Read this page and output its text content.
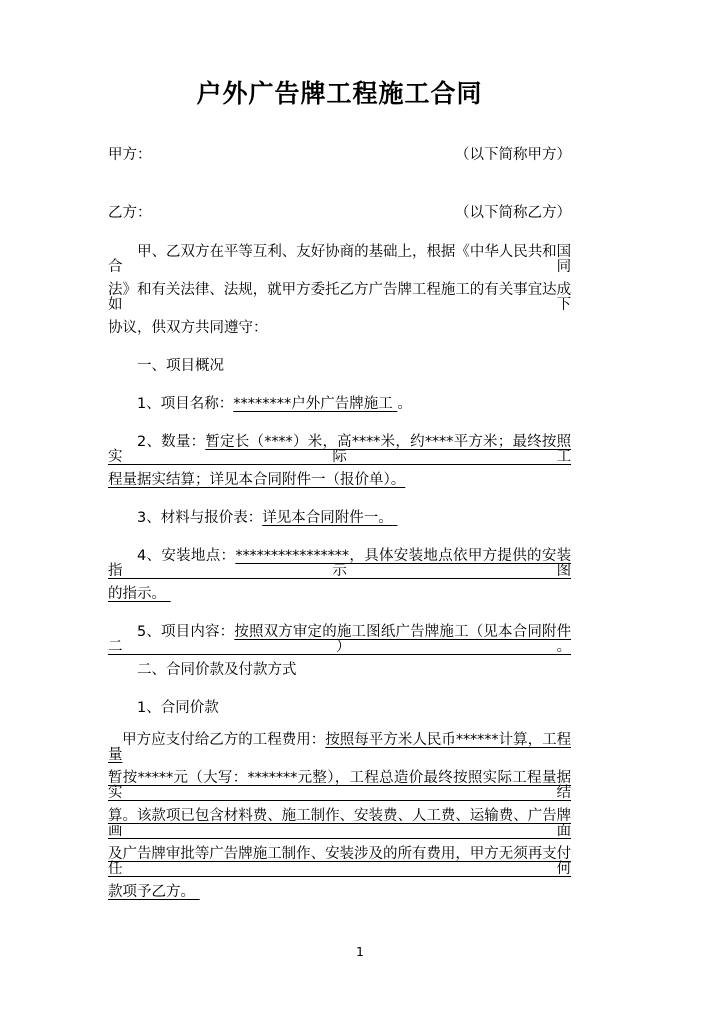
户外广告牌工程施工合同
甲方：	（以下简称甲方）
乙方：	（以下简称乙方）
甲、乙双方在平等互利、友好协商的基础上，根据《中华人民共和国合同
法》和有关法律、法规，就甲方委托乙方广告牌工程施工的有关事宜达成如下
协议，供双方共同遵守：
一、项目概况
1、项目名称：********户外广告牌施工 。
2、数量：暂定长（****）米，高****米，约****平方米；最终按照实际工
程量据实结算；详见本合同附件一（报价单）。
3、材料与报价表：详见本合同附件一。
4、安装地点：****************，具体安装地点依甲方提供的安装指示图
的指示。
5、项目内容：按照双方审定的施工图纸广告牌施工（见本合同附件二）。
二、合同价款及付款方式
1、合同价款
甲方应支付给乙方的工程费用：按照每平方米人民币******计算，工程量
暂按*****元（大写：*******元整），工程总造价最终按照实际工程量据实结
算。该款项已包含材料费、施工制作、安装费、人工费、运输费、广告牌画面
及广告牌审批等广告牌施工制作、安装涉及的所有费用，甲方无须再支付任何
款项予乙方。
1
